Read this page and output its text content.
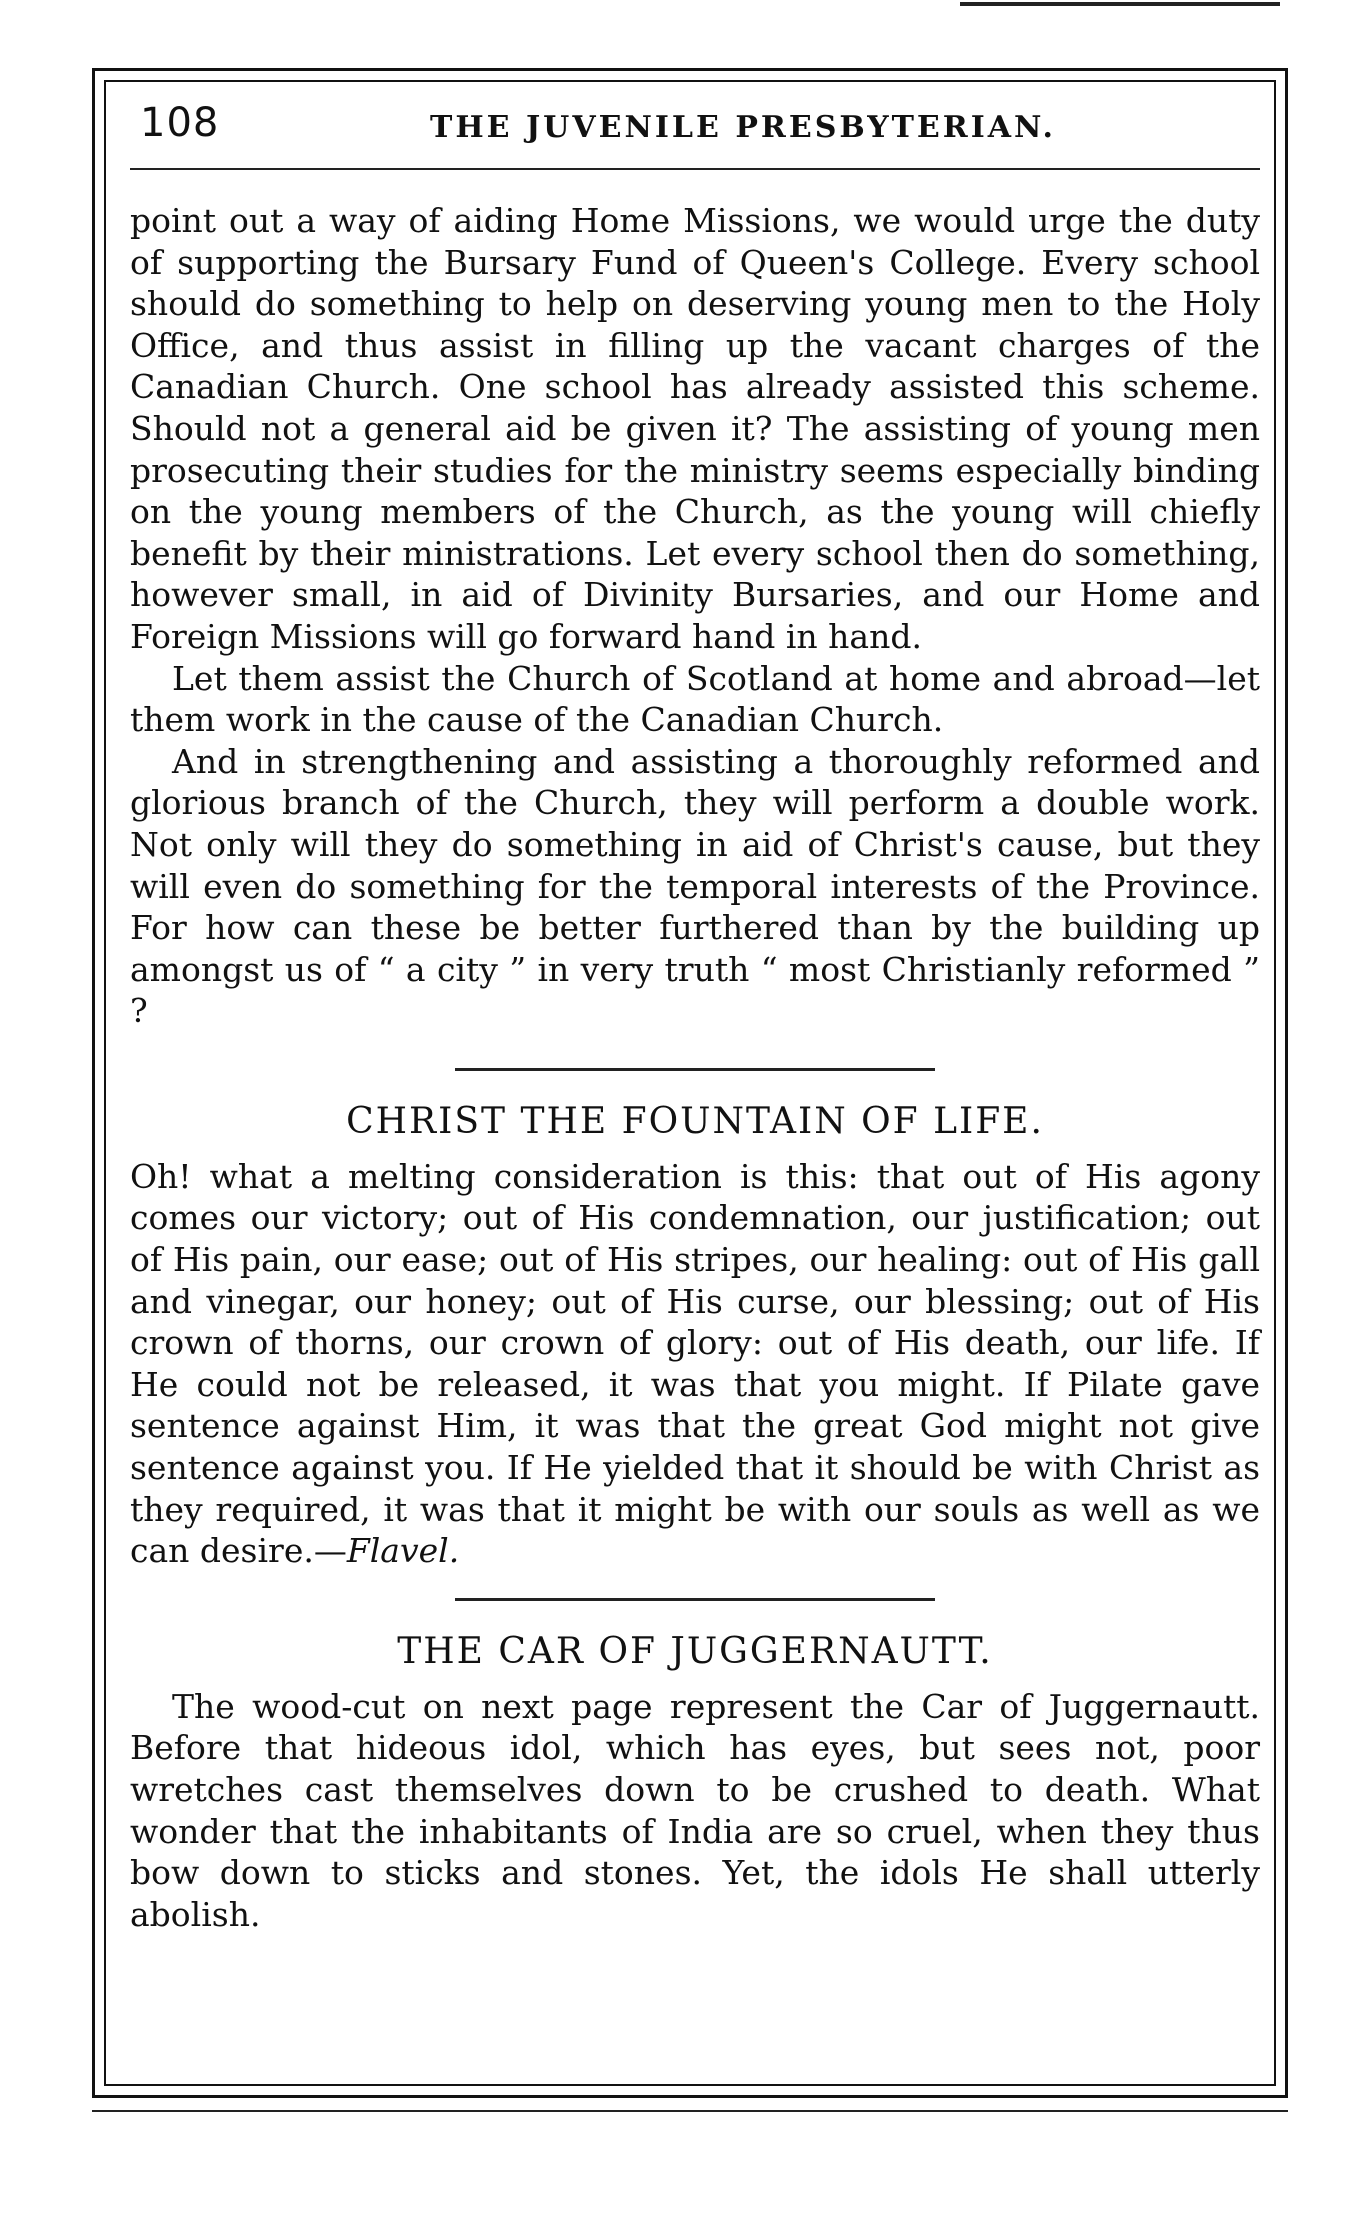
108	THE JUVENILE PRESBYTERIAN.

point out a way of aiding Home Missions, we would urge the duty of supporting the Bursary Fund of Queen's College. Every school should do something to help on deserving young men to the Holy Office, and thus assist in filling up the vacant charges of the Canadian Church. One school has already assisted this scheme. Should not a general aid be given it? The assisting of young men prosecuting their studies for the ministry seems especially binding on the young members of the Church, as the young will chiefly benefit by their ministrations. Let every school then do something, however small, in aid of Divinity Bursaries, and our Home and Foreign Missions will go forward hand in hand.

Let them assist the Church of Scotland at home and abroad—let them work in the cause of the Canadian Church.

And in strengthening and assisting a thoroughly reformed and glorious branch of the Church, they will perform a double work. Not only will they do something in aid of Christ's cause, but they will even do something for the temporal interests of the Province. For how can these be better furthered than by the building up amongst us of “ a city ” in very truth “ most Christianly reformed ” ?

CHRIST THE FOUNTAIN OF LIFE.

Oh! what a melting consideration is this: that out of His agony comes our victory; out of His condemnation, our justification; out of His pain, our ease; out of His stripes, our healing: out of His gall and vinegar, our honey; out of His curse, our blessing; out of His crown of thorns, our crown of glory: out of His death, our life. If He could not be released, it was that you might. If Pilate gave sentence against Him, it was that the great God might not give sentence against you. If He yielded that it should be with Christ as they required, it was that it might be with our souls as well as we can desire.—Flavel.

THE CAR OF JUGGERNAUTT.

The wood-cut on next page represent the Car of Juggernautt. Before that hideous idol, which has eyes, but sees not, poor wretches cast themselves down to be crushed to death. What wonder that the inhabitants of India are so cruel, when they thus bow down to sticks and stones. Yet, the idols He shall utterly abolish.
